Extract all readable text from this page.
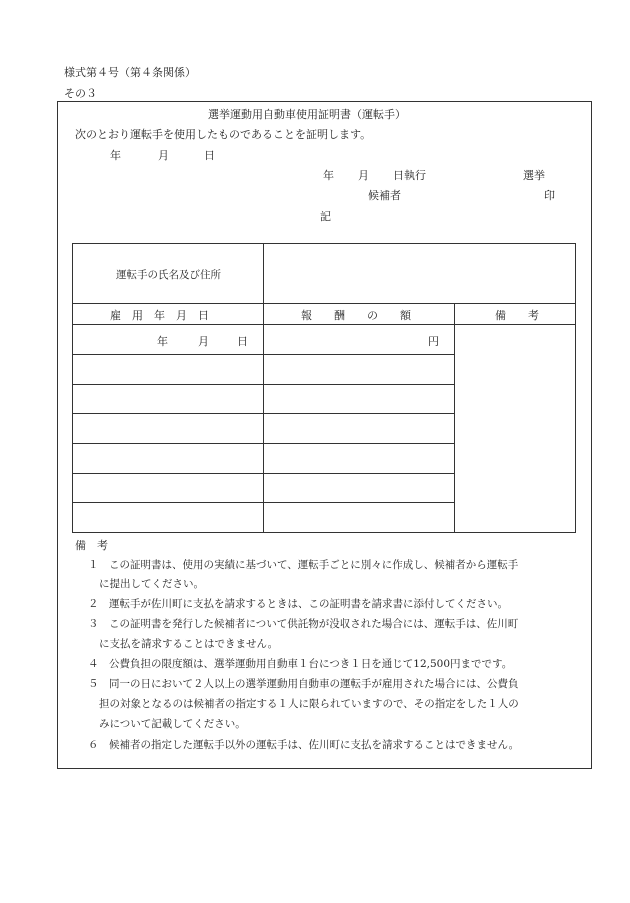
様式第４号（第４条関係）
その３
選挙運動用自動車使用証明書（運転手）
次のとおり運転手を使用したものであることを証明します。
年	月	日
年 月 日執行	選挙
候補者	印
記
運転手の氏名及び住所
雇　用　年　月　日	報　　酬　　の　　額	備　　考
年	月	日	円
備　考
１　この証明書は、使用の実績に基づいて、運転手ごとに別々に作成し、候補者から運転手
に提出してください。
２　運転手が佐川町に支払を請求するときは、この証明書を請求書に添付してください。
３　この証明書を発行した候補者について供託物が没収された場合には、運転手は、佐川町
に支払を請求することはできません。
４　公費負担の限度額は、選挙運動用自動車１台につき１日を通じて12,500円までです。
５　同一の日において２人以上の選挙運動用自動車の運転手が雇用された場合には、公費負
担の対象となるのは候補者の指定する１人に限られていますので、その指定をした１人の
みについて記載してください。
６　候補者の指定した運転手以外の運転手は、佐川町に支払を請求することはできません。
